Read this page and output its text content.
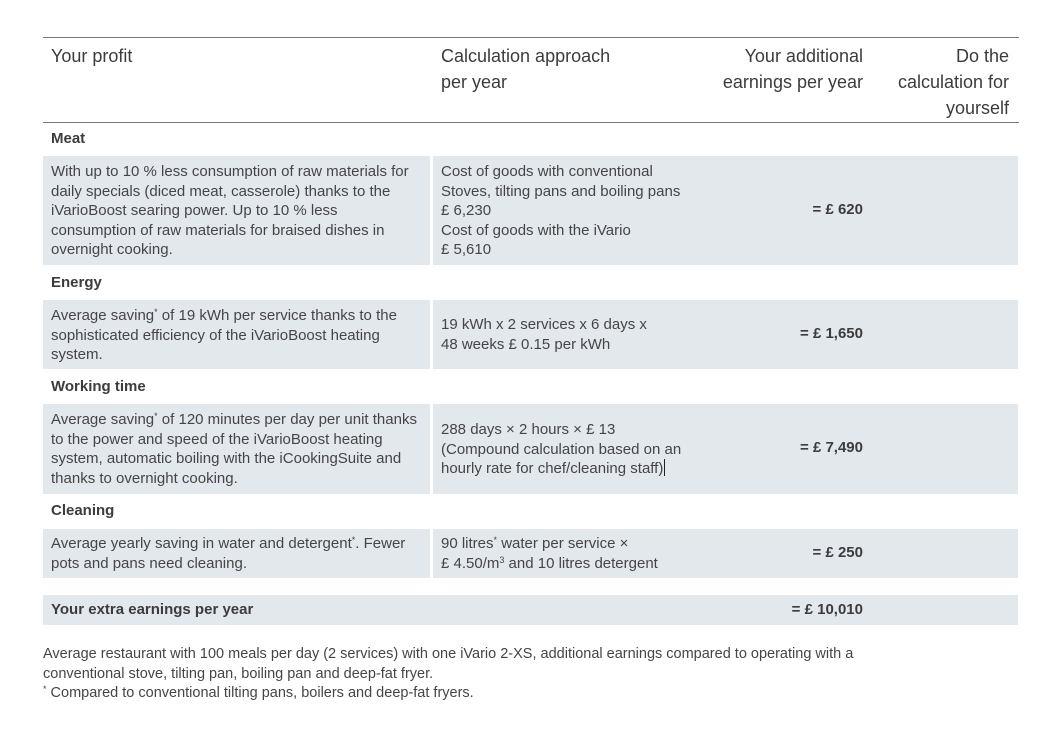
Your profit	Calculation approach
per year
Your additional
earnings per year
Do the
calculation for
yourself
Meat
With up to 10 % less consumption of raw materials for daily specials (diced meat, casserole) thanks to the iVarioBoost searing power. Up to 10 % less consumption of raw materials for braised dishes in overnight cooking.
Cost of goods with conventional
Stoves, tilting pans and boiling pans
£ 6,230
Cost of goods with the iVario
£ 5,610
= £ 620
Energy
Average saving* of 19 kWh per service thanks to the sophisticated efficiency of the iVarioBoost heating system.
19 kWh x 2 services x 6 days x
48 weeks £ 0.15 per kWh
= £ 1,650
Working time
Average saving* of 120 minutes per day per unit thanks to the power and speed of the iVarioBoost heating system, automatic boiling with the iCookingSuite and thanks to overnight cooking.
288 days × 2 hours × £ 13
(Compound calculation based on an
hourly rate for chef/cleaning staff)
= £ 7,490
Cleaning
Average yearly saving in water and detergent*. Fewer pots and pans need cleaning.
90 litres* water per service ×
£ $4.50/m^3$ and 10 litres detergent
= £ 250
Your extra earnings per year	= £ 10,010
Average restaurant with 100 meals per day (2 services) with one iVario 2-XS, additional earnings compared to operating with a
conventional stove, tilting pan, boiling pan and deep-fat fryer.
* Compared to conventional tilting pans, boilers and deep-fat fryers.
